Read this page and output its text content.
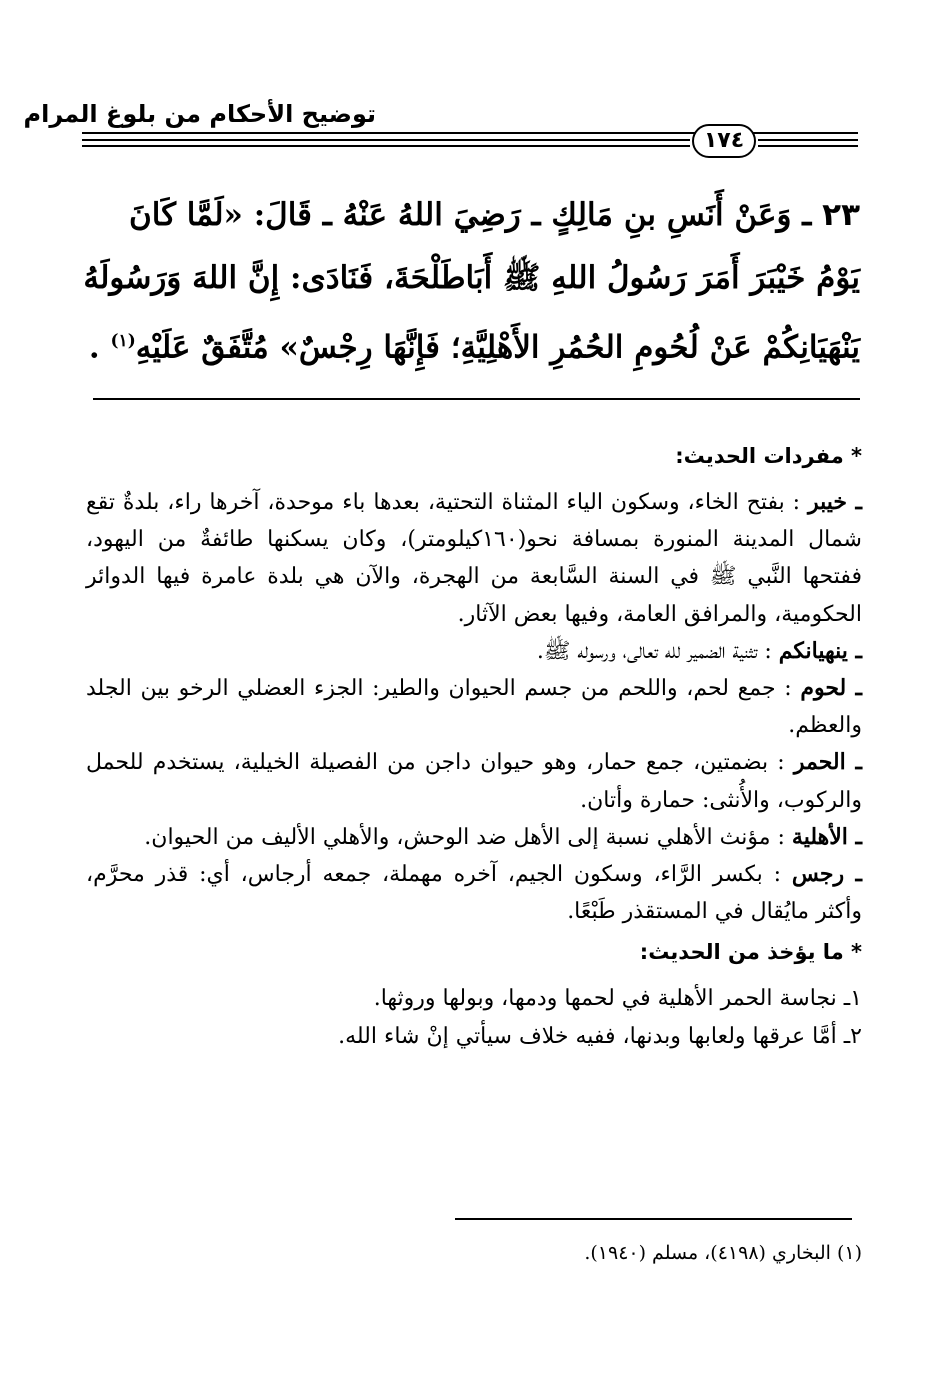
توضيح الأحكام من بلوغ المرام
١٧٤

٢٣ ـ وَعَنْ أَنَسِ بنِ مَالِكٍ ـ رَضِيَ اللهُ عَنْهُ ـ قَالَ: «لَمَّا كَانَ

يَوْمُ خَيْبَرَ أَمَرَ رَسُولُ اللهِ ﷺ أَبَاطَلْحَةَ، فَنَادَى: إِنَّ اللهَ وَرَسُولَهُ

يَنْهَيَانِكُمْ عَنْ لُحُومِ الحُمُرِ الأَهْلِيَّةِ؛ فَإِنَّهَا رِجْسٌ» مُتَّفَقٌ عَلَيْهِ$^{(١)}$ .

* مفردات الحديث:

ـ خيبر : بفتح الخاء، وسكون الياء المثناة التحتية، بعدها باء موحدة، آخرها راء، بلدةٌ تقع شمال المدينة المنورة بمسافة نحو(١٦٠كيلومتر)، وكان يسكنها طائفةٌ من اليهود، ففتحها النَّبي ﷺ في السنة السَّابعة من الهجرة، والآن هي بلدة عامرة فيها الدوائر الحكومية، والمرافق العامة، وفيها بعض الآثار.

ـ ينهيانكم : تثنية الضمير لله تعالى، ورسوله ﷺ.

ـ لحوم : جمع لحم، واللحم من جسم الحيوان والطير: الجزء العضلي الرخو بين الجلد والعظم.

ـ الحمر : بضمتين، جمع حمار، وهو حيوان داجن من الفصيلة الخيلية، يستخدم للحمل والركوب، والأُنثى: حمارة وأتان.

ـ الأهلية : مؤنث الأهلي نسبة إلى الأهل ضد الوحش، والأهلي الأليف من الحيوان.

ـ رجس : بكسر الرَّاء، وسكون الجيم، آخره مهملة، جمعه أرجاس، أي: قذر محرَّم، وأكثر مايُقال في المستقذر طَبْعًا.

* ما يؤخذ من الحديث:

١ـ نجاسة الحمر الأهلية في لحمها ودمها، وبولها وروثها.

٢ـ أمَّا عرقها ولعابها وبدنها، ففيه خلاف سيأتي إنْ شاء الله.

(١) البخاري (٤١٩٨)، مسلم (١٩٤٠).
